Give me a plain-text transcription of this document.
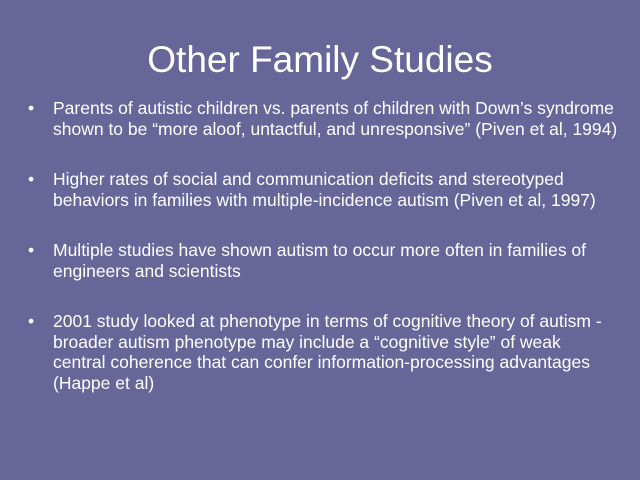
Other Family Studies
•	Parents of autistic children vs. parents of children with Down’s syndrome shown to be “more aloof, untactful, and unresponsive” (Piven et al, 1994)
•	Higher rates of social and communication deficits and stereotyped behaviors in families with multiple-incidence autism (Piven et al, 1997)
•	Multiple studies have shown autism to occur more often in families of engineers and scientists
•	2001 study looked at phenotype in terms of cognitive theory of autism - broader autism phenotype may include a “cognitive style” of weak central coherence that can confer information-processing advantages (Happe et al)
